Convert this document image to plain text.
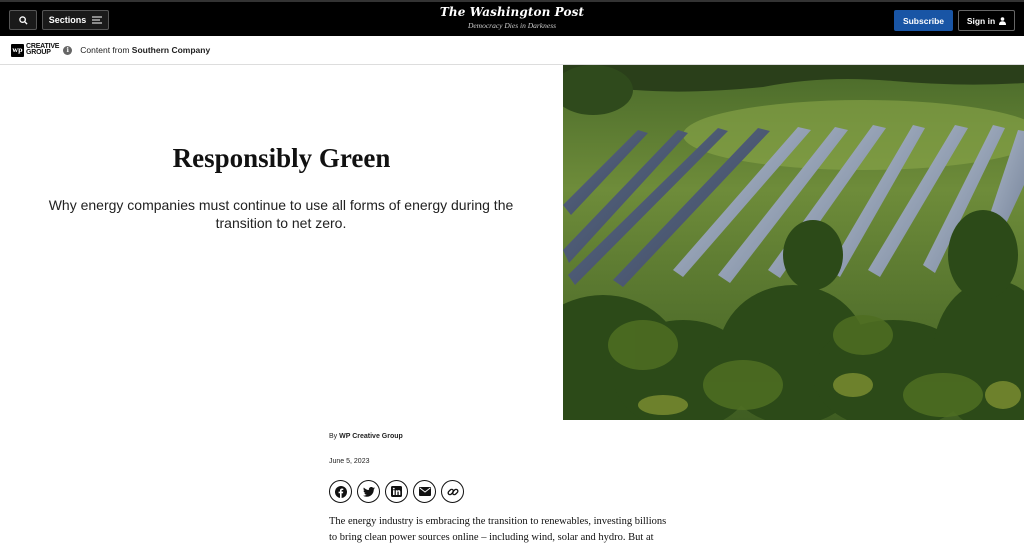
Sections
The Washington Post
Democracy Dies in Darkness	Subscribe	Sign in
wp CREATIVE
GROUP	i	Content from Southern Company
Responsibly Green

Why energy companies must continue to use all forms of energy during the transition to net zero.

By WP Creative Group
June 5, 2023
The energy industry is embracing the transition to renewables, investing billions
to bring clean power sources online – including wind, solar and hydro. But at
